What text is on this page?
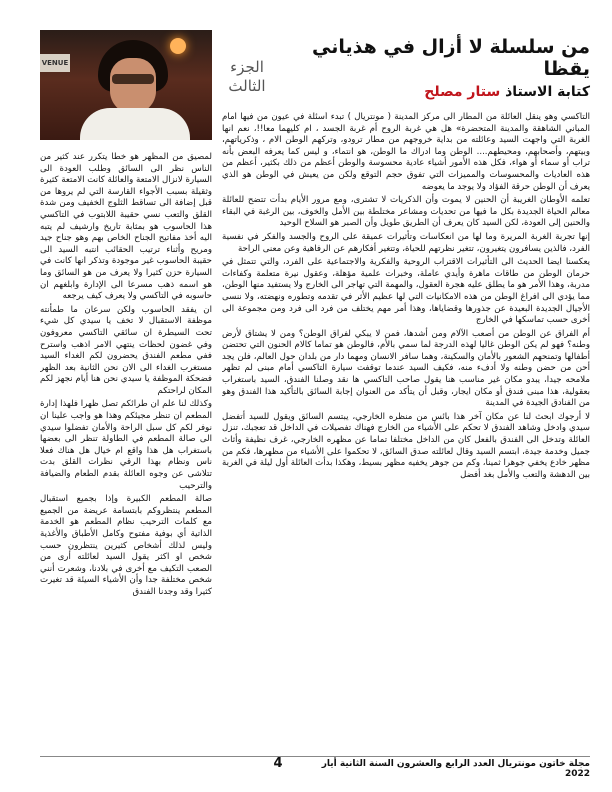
VENUE	الجزء
الثالث
من سلسلة لا أزال في هذياني يقظا
كتابة الاستاذ ستار مصلح

التاكسي وهو ينقل العائلة من المطار الى مركز المدينة ( مونتريال ) تبدء أسئلة في عيون من فيها امام المباني الشاهقة والمدينة المتحضرة» هل هي غربة الروح أم غربة الجسد ، ام كليهما معا!!، نعم انها الغربة التي واجهت السيد وعائلته من بداية خروجهم من مطار ترودو، وتركهم الوطن الام ، وذكرياتهم، وبيتهم، وأصحابهم، ومحيطهم.... الوطن وما ادراك ما الوطن، هو انتماء، و ليس كما يعرفه البعض بأنه تراب أو سماء أو هواء، فكل هذه الأمور أشياء عادية محسوسة والوطن أعظم من ذلك بكثير، أعظم من هذه العاديات والمحسوسات والمميزات التي تفوق حجم التوقع ولكن من يعيش في الوطن هو الذي يعرف أن الوطن حرقة الفؤاد ولا يوجد ما يعوضه

تعلمه الأوطان الغريبة أن الحنين لا يموت وأن الذكريات لا تشترى، ومع مرور الأيام بدأت تتضح للعائلة معالم الحياة الجديدة بكل ما فيها من تحديات ومشاعر مختلطة بين الأمل والخوف، بين الرغبة في البقاء والحنين إلى العودة، لكن السيد كان يعرف أن الطريق طويل وأن الصبر هو السلاح الوحيد

إنها تجربة الغربة المريرة وما لها من انعكاسات وتأثيرات عميقة على الروح والجسد والفكر في نفسية الفرد، فالذين يسافرون يتغيرون، تتغير نظرتهم للحياة، وتتغير أفكارهم عن الرفاهية وعن معنى الراحة

يعكسنا ايضا الحديث الى التأثيرات الاقتراب الروحية والفكرية والاجتماعية على الفرد، والتي تتمثل في حرمان الوطن من طاقات ماهرة وأيدي عاملة، وخبرات علمية مؤهلة، وعقول نيرة متعلمة وكفاءات مدربة، وهذا الأمر هو ما يطلق عليه هجرة العقول، والمهمة التي تهاجر الى الخارج ولا يستفيد منها الوطن، مما يؤدي الى افراغ الوطن من هذه الامكانيات التي لها عظيم الأثر في تقدمه وتطوره ونهضته، ولا ننسى الأجيال الجديدة البعيدة عن جذورها وقضاياها، وهذا أمر مهم يختلف من فرد الى فرد ومن مجموعة الى أخرى حسب تماسكها في الخارج

أم الفراق عن الوطن من أصعب الآلام ومن أشدها، فمن لا يبكي لفراق الوطن؟ ومن لا يشتاق لأرض وطنه؟ فهو لم يكن الوطن غاليا لهذه الدرجة لما سمي بالأم، فالوطن هو تماما كالام الحنون التي تحتضن أطفالها وتمنحهم الشعور بالأمان والسكينة، وهما سافر الانسان ومهما دار من بلدان حول العالم، فلن يجد أحن من حضن وطنه ولا أدفء منه، فكيف السيد عندما توقفت سيارة التاكسي أمام مبنى لم تظهر ملامحه جيدا، يبدو مكان غير مناسب هنا يقول صاحب التاكسي ها نقد وصلنا الفندق، السيد باستغراب بعقولية، هذا مبنى فندق أو مكان ايجار، وقبل أن يتأكد من العنوان إجابة السائق بالتأكيد هذا الفندق وهو من الفنادق الجيدة في المدينة

لا أرجوك ابحث لنا عن مكان آخر هذا بائس من منظره الخارجي، يبتسم السائق ويقول للسيد أتفضل سيدي وادخل وشاهد الفندق لا تحكم على الأشياء من الخارج فهناك تفصيلات في الداخل قد تعجبك، تنزل العائلة وتدخل الى الفندق بالفعل كان من الداخل مختلفا تماما عن مظهره الخارجي، غرف نظيفة وأثاث جميل وخدمة جيدة، ابتسم السيد وقال لعائلته صدق السائق، لا تحكموا على الأشياء من مظهرها، فكم من مظهر خادع يخفي جوهرا ثمينا، وكم من جوهر يخفيه مظهر بسيط، وهكذا بدأت العائلة أول ليلة في الغربة بين الدهشة والتعب والأمل بغد أفضل

لمصيق من المظهر هو خطأ يتكرر عند كثير من الناس نظر الى السائق وطلب العودة الى السيارة لانزال الامتعة والعائلة كانت الامتعة كثيرة وثقيلة بسبب الأجواء القارسة التي لم يروها من قبل إضافة الى تساقط الثلوج الخفيف ومن شدة القلق والتعب نسي حقيبة اللابتوب في التاكسي هذا الحاسوب هو بمثابة تاريخ وارشيف لم يتبه اليه أخذ مفاتيح الجناح الخاص بهم وهو جناح جيد ومريح وأثناء ترتيب الحقائب انتبه السيد الى حقيبة الحاسوب غير موجودة وتذكر انها كانت في السيارة حزن كثيرا ولا يعرف من هو السائق وما هو اسمه ذهب مسرعا الى الإدارة وابلغهم ان حاسوبه في التاكسي ولا يعرف كيف يرجعه

ان يفقد الحاسوب ولكن سرعان ما طمأنته موظفة الاستقبال لا تخف يا سيدي كل شيء تحت السيطرة ان سائقي التاكسي معروفون وفي غضون لحظات ينتهي الامر اذهب واسترح ففي مطعم الفندق يحضرون لكم الغداء السيد مستغرب الغداء الى الان نحن الثانية بعد الظهر فضحكة الموظفة يا سيدي نحن هنا أيام نجهز لكم المكان لراحتكم

وكذلك لنا علم ان طرائكم تصل ظهرا فلهذا إدارة المطعم ان تنظر مجيئكم وهذا هو واجب علينا ان نوفر لكم كل سبل الراحة والأمان تفضلوا سيدي الى صالة المطعم في الطاولة تنظر الى بعضها باستغراب هل هذا واقع ام خيال هل هناك فعلا ناس ونظام بهذا الرقي نظرات القلق بدت تتلاشى عن وجوه العائلة بقدم الطعام والضيافة والترحيب

صالة المطعم الكبيرة وإذا بجميع استقبال المطعم ينتظروكم بابتسامة عريضة من الجميع مع كلمات الترحيب نظام المطعم هو الخدمة الذاتية أي بوفية مفتوح وكامل الأطباق والأغذية وليس لذلك أشخاص كثيرين ينتظرون حسب شخص او اكثر يقول السيد لعائلته أرى من الصعب التكيف مع أخرى في بلادنا، وشعرت أنني شخص مختلفة جدا وأن الأشياء السيئة قد تغيرت كثيرا وقد وجدنا الفندق

4	مجلة خاتون مونتريال العدد الرابع والعشرون السنة الثانية أيار 2022
